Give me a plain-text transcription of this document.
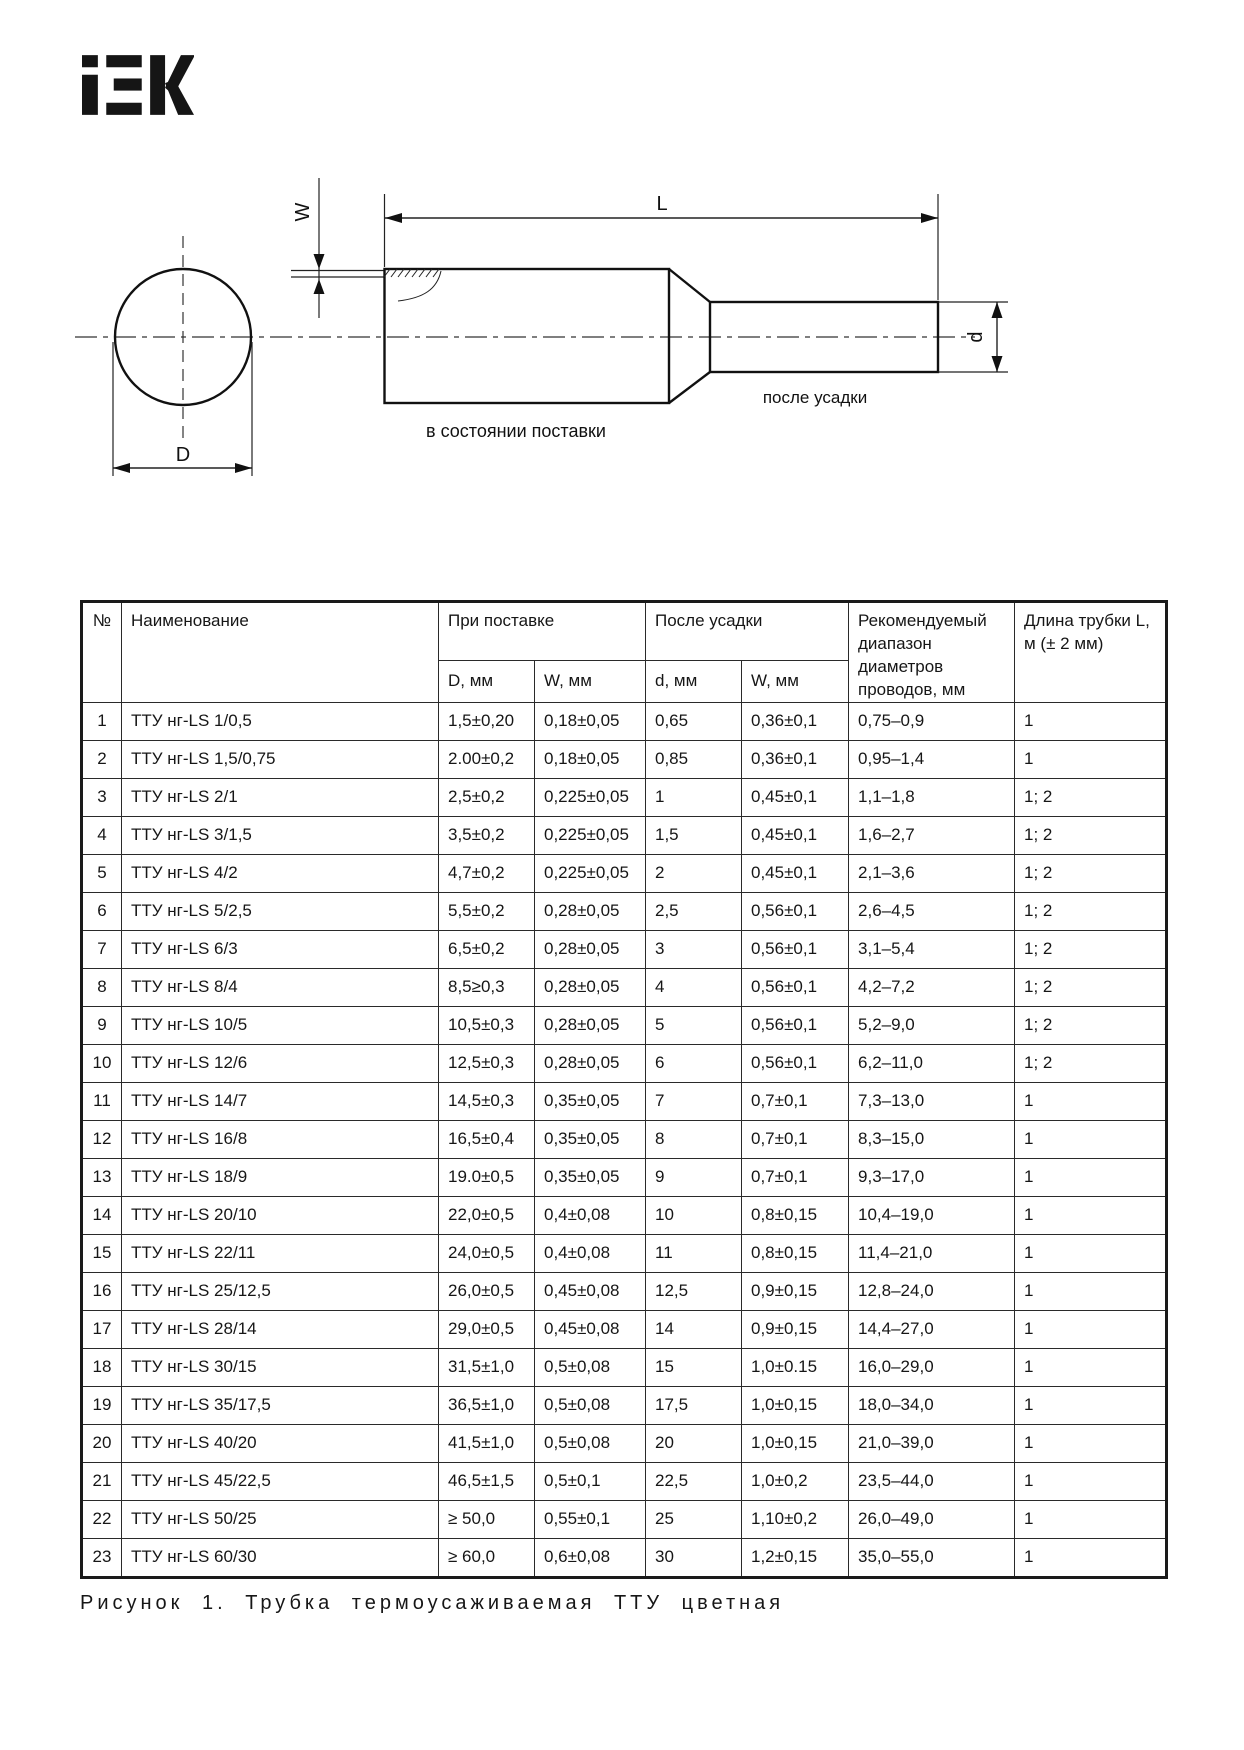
D
W	L
d
после усадки
в состоянии поставки
№	Наименование	При поставке		После усадки		Рекомендуемый диапазон диаметров проводов, мм	Длина трубки L, м (± 2 мм)
		D, мм	W, мм	d, мм	W, мм		
1	ТТУ нг-LS 1/0,5	1,5±0,20	0,18±0,05	0,65	0,36±0,1	0,75–0,9	1
2	ТТУ нг-LS 1,5/0,75	2.00±0,2	0,18±0,05	0,85	0,36±0,1	0,95–1,4	1
3	ТТУ нг-LS 2/1	2,5±0,2	0,225±0,05	1	0,45±0,1	1,1–1,8	1; 2
4	ТТУ нг-LS 3/1,5	3,5±0,2	0,225±0,05	1,5	0,45±0,1	1,6–2,7	1; 2
5	ТТУ нг-LS 4/2	4,7±0,2	0,225±0,05	2	0,45±0,1	2,1–3,6	1; 2
6	ТТУ нг-LS 5/2,5	5,5±0,2	0,28±0,05	2,5	0,56±0,1	2,6–4,5	1; 2
7	ТТУ нг-LS 6/3	6,5±0,2	0,28±0,05	3	0,56±0,1	3,1–5,4	1; 2
8	ТТУ нг-LS 8/4	8,5≥0,3	0,28±0,05	4	0,56±0,1	4,2–7,2	1; 2
9	ТТУ нг-LS 10/5	10,5±0,3	0,28±0,05	5	0,56±0,1	5,2–9,0	1; 2
10	ТТУ нг-LS 12/6	12,5±0,3	0,28±0,05	6	0,56±0,1	6,2–11,0	1; 2
11	ТТУ нг-LS 14/7	14,5±0,3	0,35±0,05	7	0,7±0,1	7,3–13,0	1
12	ТТУ нг-LS 16/8	16,5±0,4	0,35±0,05	8	0,7±0,1	8,3–15,0	1
13	ТТУ нг-LS 18/9	19.0±0,5	0,35±0,05	9	0,7±0,1	9,3–17,0	1
14	ТТУ нг-LS 20/10	22,0±0,5	0,4±0,08	10	0,8±0,15	10,4–19,0	1
15	ТТУ нг-LS 22/11	24,0±0,5	0,4±0,08	11	0,8±0,15	11,4–21,0	1
16	ТТУ нг-LS 25/12,5	26,0±0,5	0,45±0,08	12,5	0,9±0,15	12,8–24,0	1
17	ТТУ нг-LS 28/14	29,0±0,5	0,45±0,08	14	0,9±0,15	14,4–27,0	1
18	ТТУ нг-LS 30/15	31,5±1,0	0,5±0,08	15	1,0±0.15	16,0–29,0	1
19	ТТУ нг-LS 35/17,5	36,5±1,0	0,5±0,08	17,5	1,0±0,15	18,0–34,0	1
20	ТТУ нг-LS 40/20	41,5±1,0	0,5±0,08	20	1,0±0,15	21,0–39,0	1
21	ТТУ нг-LS 45/22,5	46,5±1,5	0,5±0,1	22,5	1,0±0,2	23,5–44,0	1
22	ТТУ нг-LS 50/25	≥ 50,0	0,55±0,1	25	1,10±0,2	26,0–49,0	1
23	ТТУ нг-LS 60/30	≥ 60,0	0,6±0,08	30	1,2±0,15	35,0–55,0	1
Рисунок 1. Трубка термоусаживаемая ТТУ цветная
